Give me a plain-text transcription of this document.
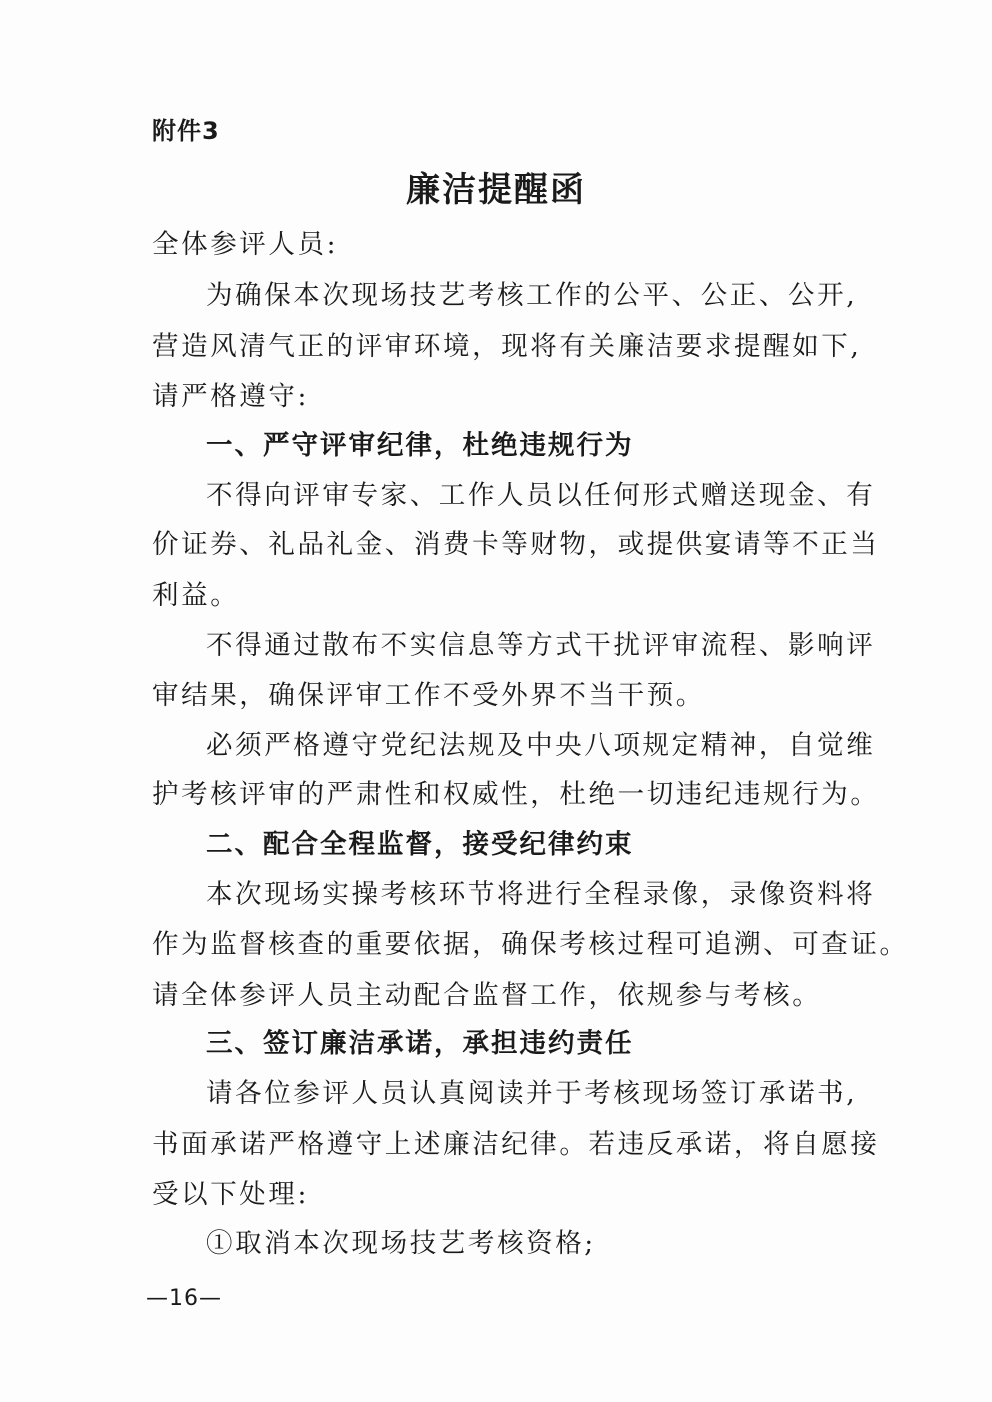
附件3
廉洁提醒函
全体参评人员:
为确保本次现场技艺考核工作的公平、公正、公开,
营造风清气正的评审环境，现将有关廉洁要求提醒如下,
请严格遵守:
一、严守评审纪律，杜绝违规行为
不得向评审专家、工作人员以任何形式赠送现金、有
价证券、礼品礼金、消费卡等财物，或提供宴请等不正当
利益。
不得通过散布不实信息等方式干扰评审流程、影响评
审结果，确保评审工作不受外界不当干预。
必须严格遵守党纪法规及中央八项规定精神，自觉维
护考核评审的严肃性和权威性，杜绝一切违纪违规行为。
二、配合全程监督，接受纪律约束
本次现场实操考核环节将进行全程录像，录像资料将
作为监督核查的重要依据，确保考核过程可追溯、可查证。
请全体参评人员主动配合监督工作，依规参与考核。
三、签订廉洁承诺，承担违约责任
请各位参评人员认真阅读并于考核现场签订承诺书,
书面承诺严格遵守上述廉洁纪律。若违反承诺，将自愿接
受以下处理:
①取消本次现场技艺考核资格;
—16—
